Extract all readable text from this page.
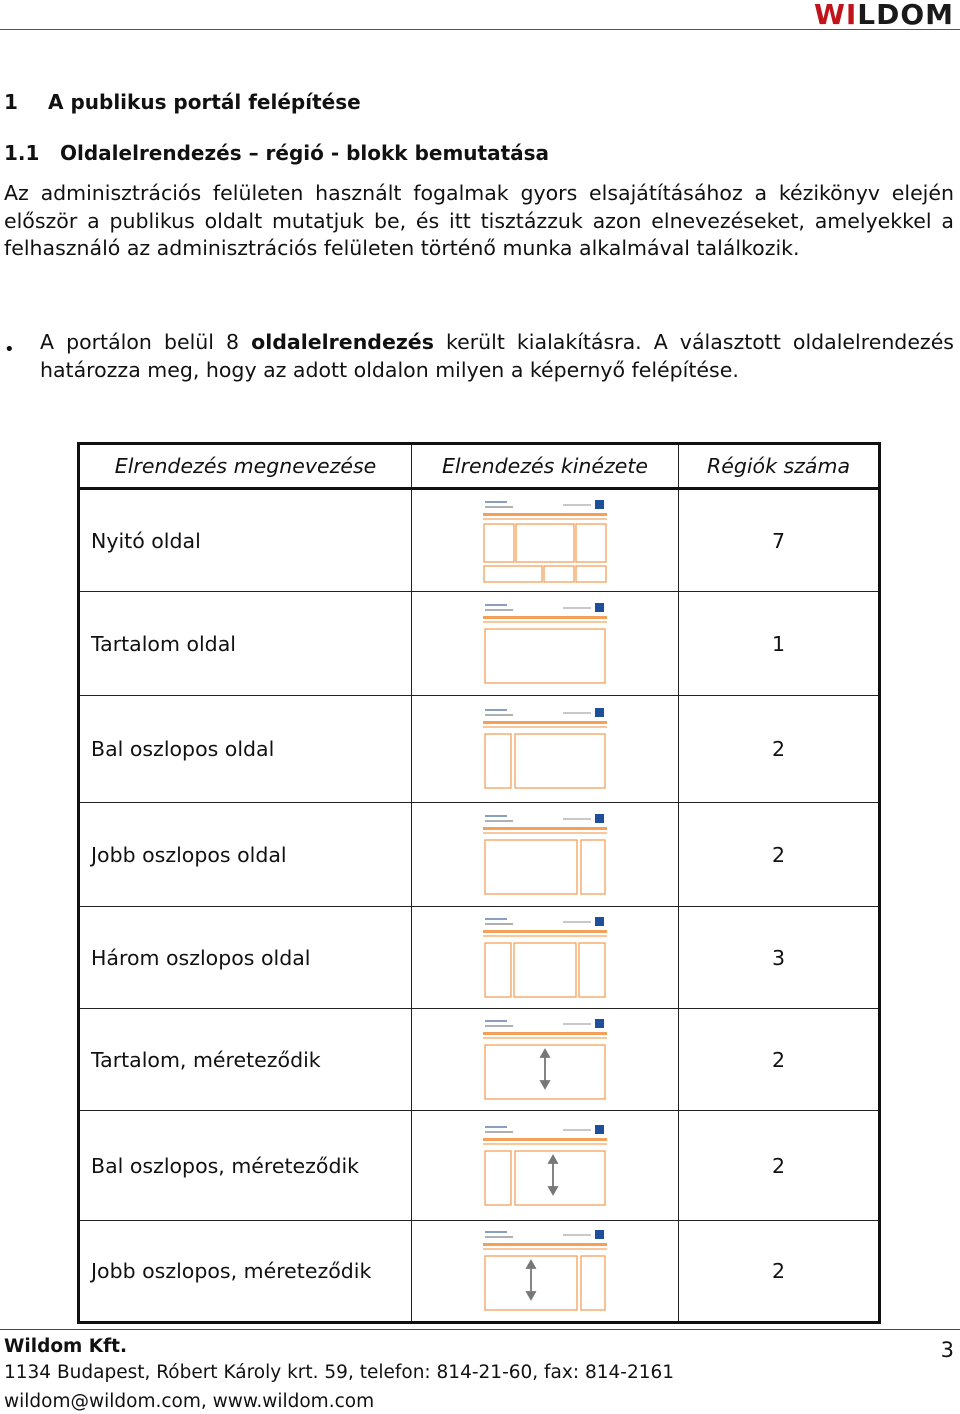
WILDOM
1 A publikus portál felépítése
1.1 Oldalelrendezés – régió - blokk bemutatása

Az adminisztrációs felületen használt fogalmak gyors elsajátításához a kézikönyv elején először a publikus oldalt mutatjuk be, és itt tisztázzuk azon elnevezéseket, amelyekkel a felhasználó az adminisztrációs felületen történő munka alkalmával találkozik.

• A portálon belül 8 oldalelrendezés került kialakításra. A választott oldalelrendezés határozza meg, hogy az adott oldalon milyen a képernyő felépítése.

Elrendezés megnevezése	Elrendezés kinézete	Régiók száma
Nyitó oldal		7
Tartalom oldal		1
Bal oszlopos oldal		2
Jobb oszlopos oldal		2
Három oszlopos oldal		3
Tartalom, méreteződik		2
Bal oszlopos, méreteződik		2
Jobb oszlopos, méreteződik		2
Wildom Kft.	3
1134 Budapest, Róbert Károly krt. 59, telefon: 814-21-60, fax: 814-2161
wildom@wildom.com, www.wildom.com
